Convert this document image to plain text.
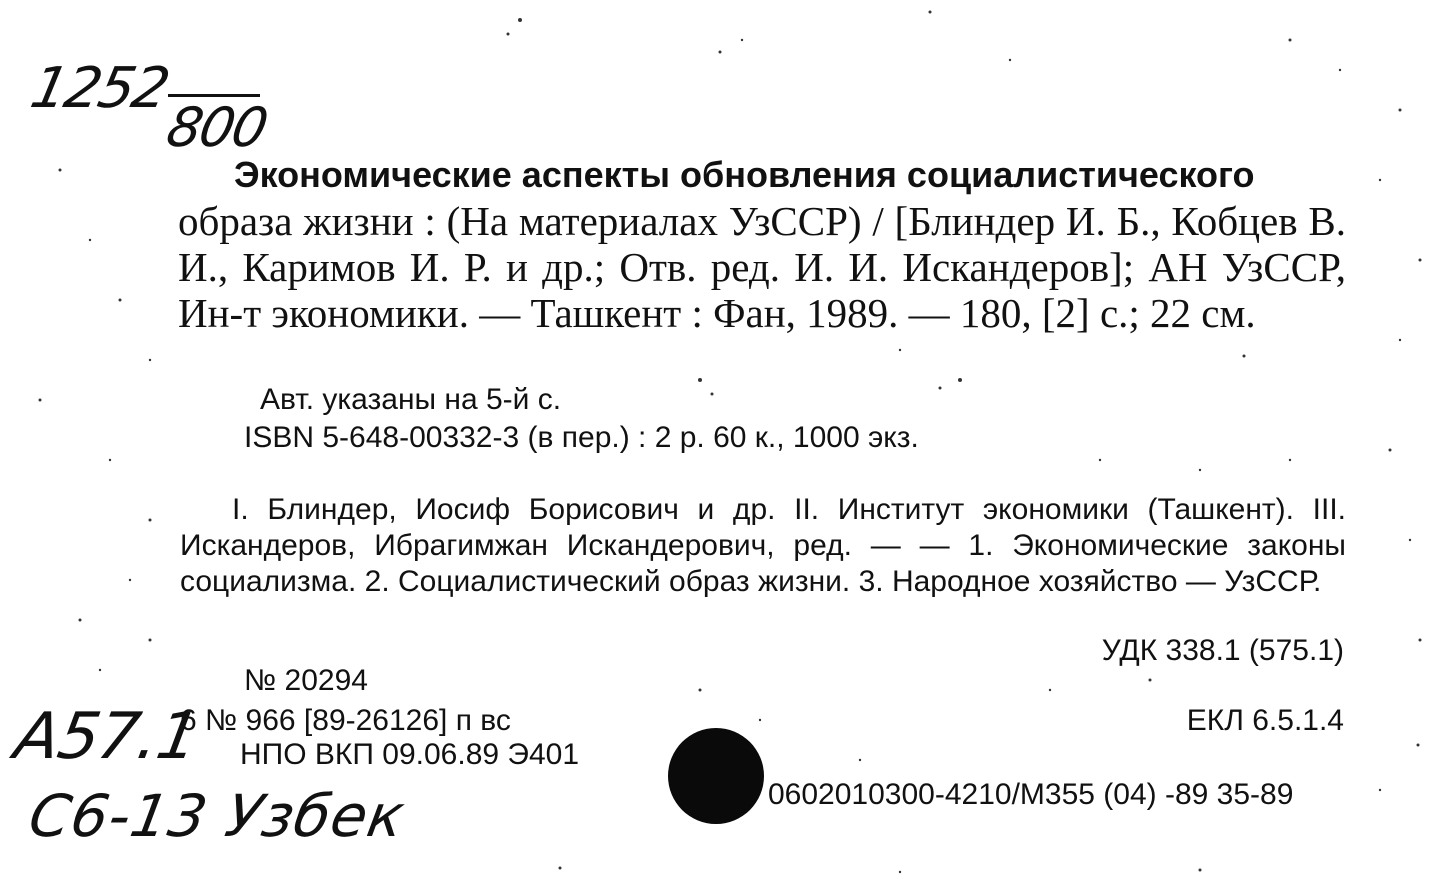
1252
800
Экономические аспекты обновления социалистического
образа жизни : (На материалах УзССР) / [Блиндер И. Б., Кобцев В. И., Каримов И. Р. и др.; Отв. ред. И. И. Искандеров]; АН УзССР, Ин-т экономики. — Ташкент : Фан, 1989. — 180, [2] с.; 22 см.
Авт. указаны на 5-й с.
ISBN 5-648-00332-3 (в пер.) : 2 р. 60 к., 1000 экз.
I. Блиндер, Иосиф Борисович и др. II. Институт экономики (Ташкент). III. Искандеров, Ибрагимжан Искандерович, ред. — — 1. Экономические законы социализма. 2. Социалистический образ жизни. 3. Народное хозяйство — УзССР.
УДК 338.1 (575.1)
№ 20294
6 № 966 [89-26126] п вс
НПО ВКП 09.06.89 Э401
ЕКЛ 6.5.1.4
0602010300-4210/М355 (04) -89 35-89
А57.1
С6-13 Узбек
